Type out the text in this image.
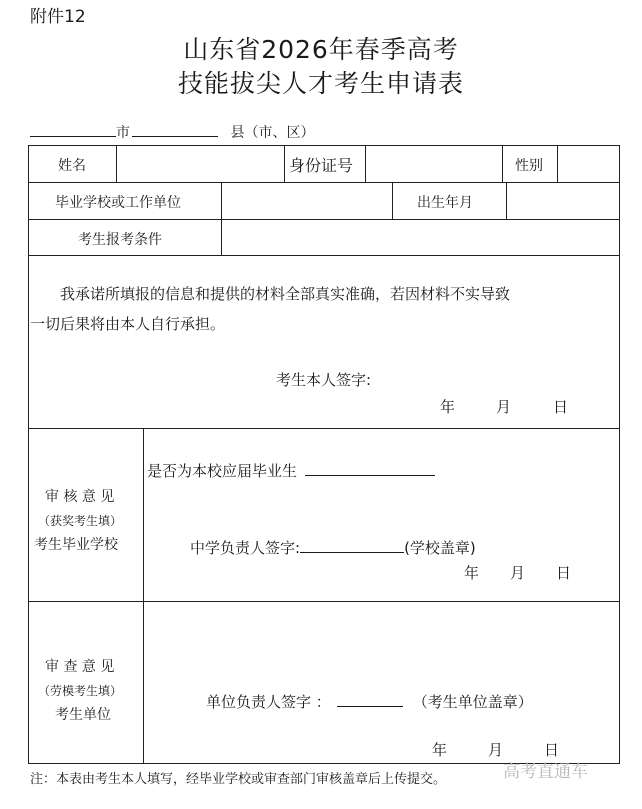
附件12
山东省2026年春季高考
技能拔尖人才考生申请表
市	县（市、区）
姓名	身份证号	性别
毕业学校或工作单位	出生年月
考生报考条件
我承诺所填报的信息和提供的材料全部真实准确，若因材料不实导致
一切后果将由本人自行承担。
考生本人签字:
年	月	日
审 核 意 见
（获奖考生填）
考生毕业学校
是否为本校应届毕业生
中学负责人签字:	(学校盖章)
年 月 日
审 查 意 见
（劳模考生填）
考生单位
单位负责人签字 ：	（考生单位盖章）
年	月	日
注：本表由考生本人填写，经毕业学校或审查部门审核盖章后上传提交。	高考直通车
